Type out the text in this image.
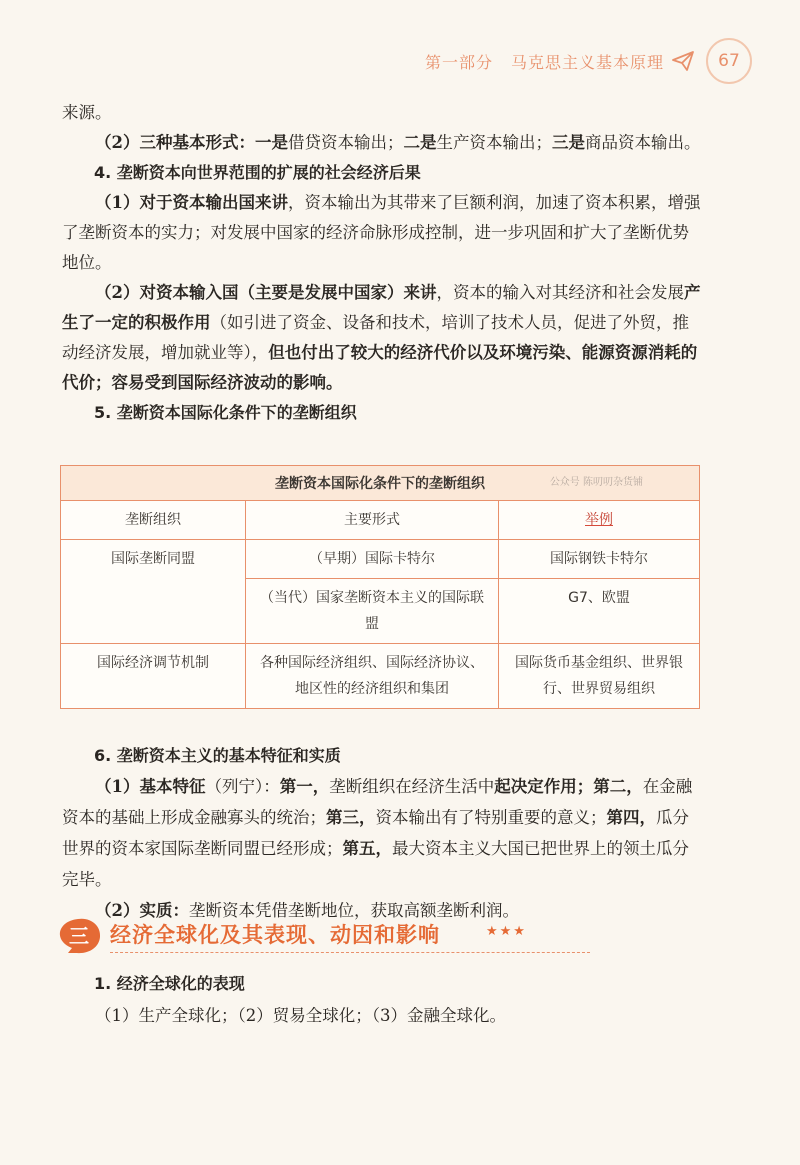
第一部分 马克思主义基本原理	67

来源。

（2）三种基本形式：一是借贷资本输出；二是生产资本输出；三是商品资本输出。

4. 垄断资本向世界范围的扩展的社会经济后果

（1）对于资本输出国来讲，资本输出为其带来了巨额利润，加速了资本积累，增强了垄断资本的实力；对发展中国家的经济命脉形成控制，进一步巩固和扩大了垄断优势地位。

（2）对资本输入国（主要是发展中国家）来讲，资本的输入对其经济和社会发展产生了一定的积极作用（如引进了资金、设备和技术，培训了技术人员，促进了外贸，推动经济发展，增加就业等），但也付出了较大的经济代价以及环境污染、能源资源消耗的代价；容易受到国际经济波动的影响。

5. 垄断资本国际化条件下的垄断组织

垄断资本国际化条件下的垄断组织 公众号 陈叨叨杂货铺		

垄断组织	主要形式	举例
国际垄断同盟	（早期）国际卡特尔	国际钢铁卡特尔
	（当代）国家垄断资本主义的国际联盟	G7、欧盟
国际经济调节机制	各种国际经济组织、国际经济协议、地区性的经济组织和集团	国际货币基金组织、世界银行、世界贸易组织

6. 垄断资本主义的基本特征和实质

（1）基本特征（列宁）：第一，垄断组织在经济生活中起决定作用；第二，在金融资本的基础上形成金融寡头的统治；第三，资本输出有了特别重要的意义；第四，瓜分世界的资本家国际垄断同盟已经形成；第五，最大资本主义大国已把世界上的领土瓜分完毕。

（2）实质：垄断资本凭借垄断地位，获取高额垄断利润。

三 经济全球化及其表现、动因和影响	★★★

1. 经济全球化的表现

（1）生产全球化；（2）贸易全球化；（3）金融全球化。
